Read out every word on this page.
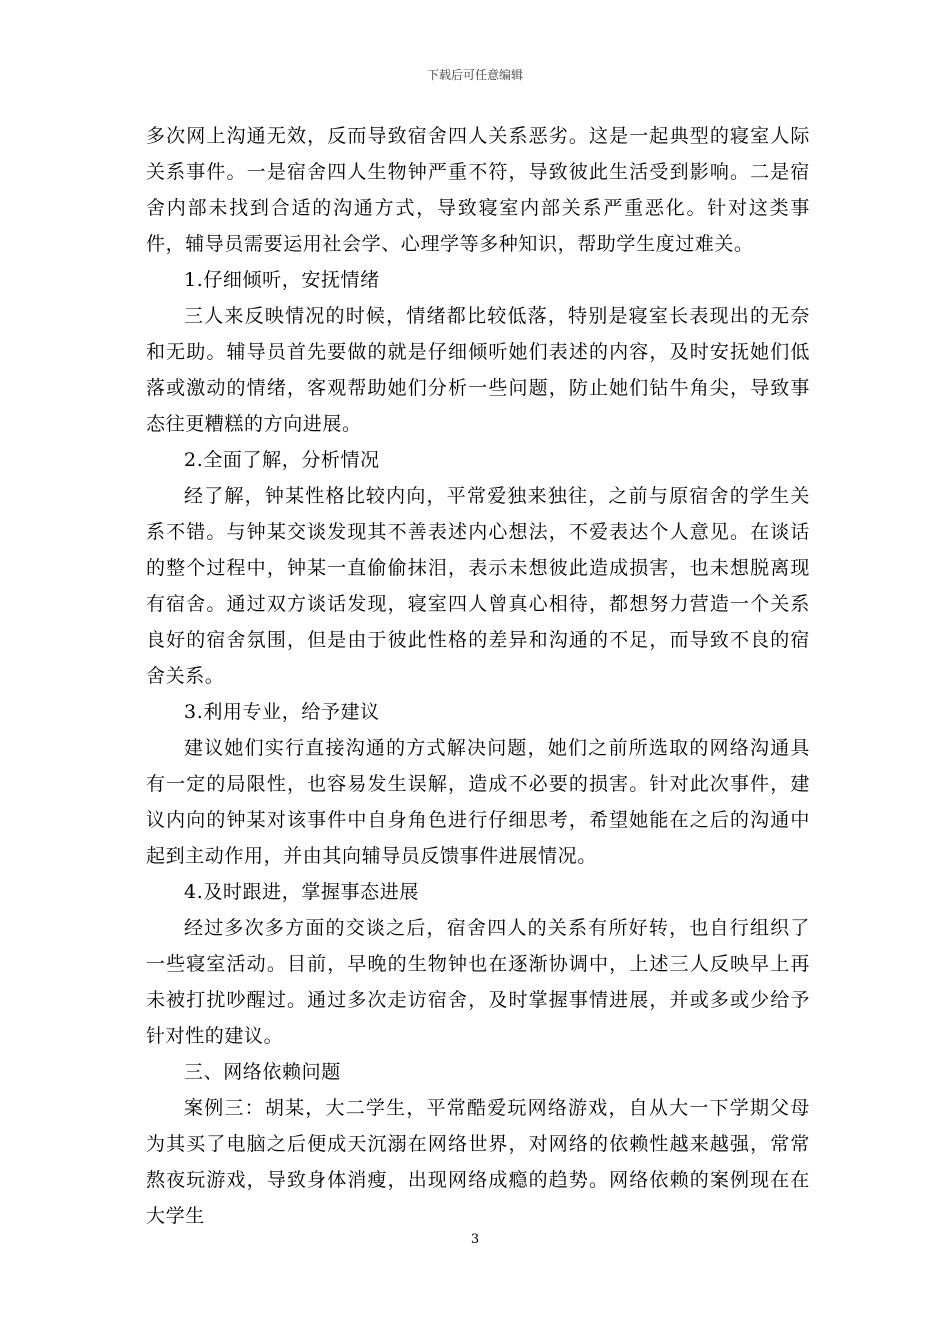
下载后可任意编辑

多次网上沟通无效，反而导致宿舍四人关系恶劣。这是一起典型的寝室人际关系事件。一是宿舍四人生物钟严重不符，导致彼此生活受到影响。二是宿舍内部未找到合适的沟通方式，导致寝室内部关系严重恶化。针对这类事件，辅导员需要运用社会学、心理学等多种知识，帮助学生度过难关。

1.仔细倾听，安抚情绪

三人来反映情况的时候，情绪都比较低落，特别是寝室长表现出的无奈和无助。辅导员首先要做的就是仔细倾听她们表述的内容，及时安抚她们低落或激动的情绪，客观帮助她们分析一些问题，防止她们钻牛角尖，导致事态往更糟糕的方向进展。

2.全面了解，分析情况

经了解，钟某性格比较内向，平常爱独来独往，之前与原宿舍的学生关系不错。与钟某交谈发现其不善表述内心想法，不爱表达个人意见。在谈话的整个过程中，钟某一直偷偷抹泪，表示未想彼此造成损害，也未想脱离现有宿舍。通过双方谈话发现，寝室四人曾真心相待，都想努力营造一个关系良好的宿舍氛围，但是由于彼此性格的差异和沟通的不足，而导致不良的宿舍关系。

3.利用专业，给予建议

建议她们实行直接沟通的方式解决问题，她们之前所选取的网络沟通具有一定的局限性，也容易发生误解，造成不必要的损害。针对此次事件，建议内向的钟某对该事件中自身角色进行仔细思考，希望她能在之后的沟通中起到主动作用，并由其向辅导员反馈事件进展情况。

4.及时跟进，掌握事态进展

经过多次多方面的交谈之后，宿舍四人的关系有所好转，也自行组织了一些寝室活动。目前，早晚的生物钟也在逐渐协调中，上述三人反映早上再未被打扰吵醒过。通过多次走访宿舍，及时掌握事情进展，并或多或少给予针对性的建议。

三、网络依赖问题

案例三：胡某，大二学生，平常酷爱玩网络游戏，自从大一下学期父母为其买了电脑之后便成天沉溺在网络世界，对网络的依赖性越来越强，常常熬夜玩游戏，导致身体消瘦，出现网络成瘾的趋势。网络依赖的案例现在在大学生

3
